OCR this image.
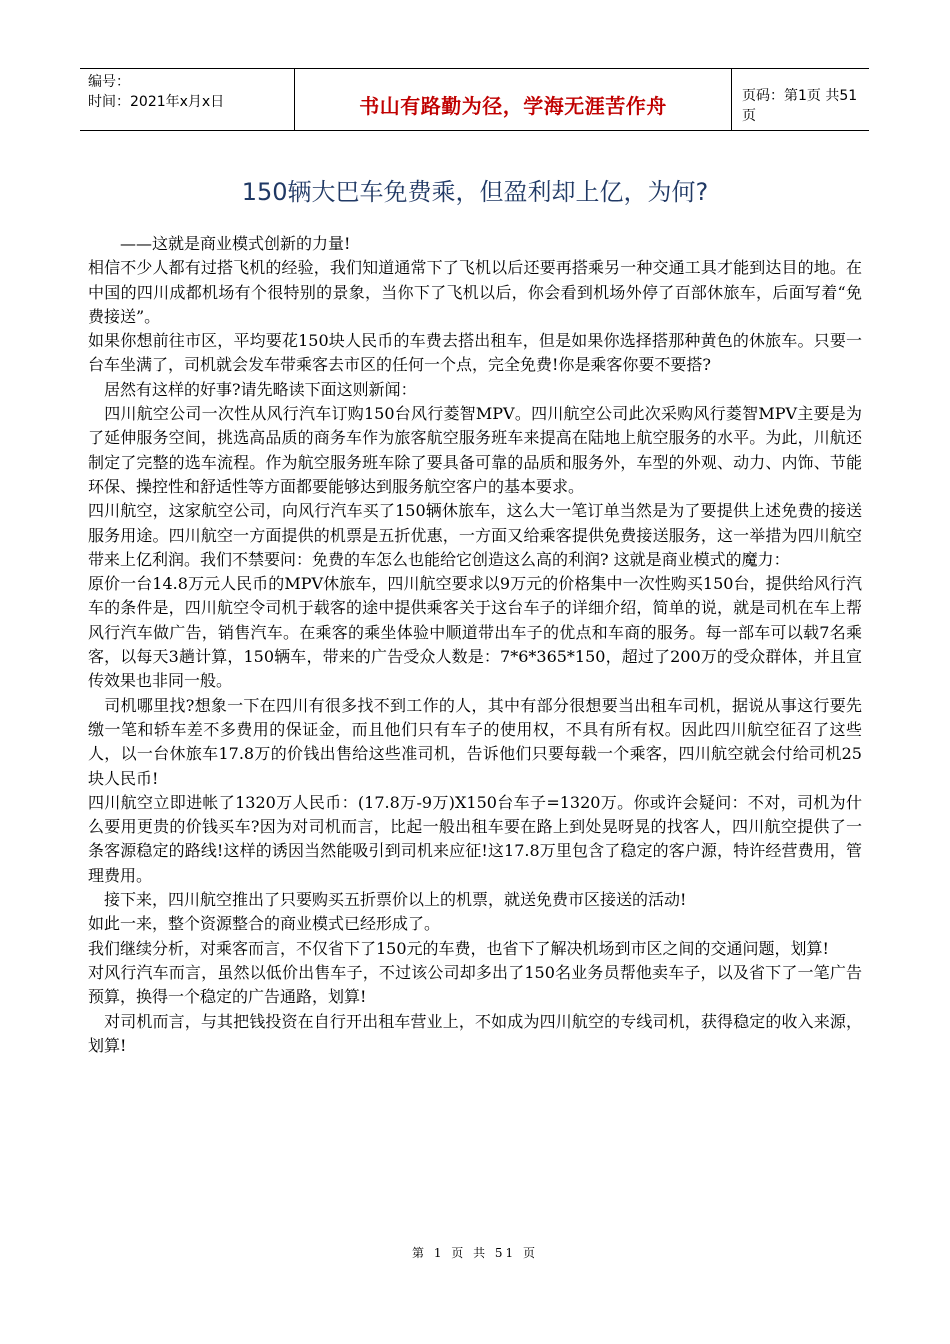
编号：
时间：2021年x月x日	书山有路勤为径，学海无涯苦作舟	页码：第1页 共51页
150辆大巴车免费乘，但盈利却上亿，为何?

　　——这就是商业模式创新的力量!

相信不少人都有过搭飞机的经验，我们知道通常下了飞机以后还要再搭乘另一种交通工具才能到达目的地。在中国的四川成都机场有个很特别的景象，当你下了飞机以后，你会看到机场外停了百部休旅车，后面写着“免费接送”。

如果你想前往市区，平均要花150块人民币的车费去搭出租车，但是如果你选择搭那种黄色的休旅车。只要一台车坐满了，司机就会发车带乘客去市区的任何一个点，完全免费!你是乘客你要不要搭?

　居然有这样的好事?请先略读下面这则新闻：

　四川航空公司一次性从风行汽车订购150台风行菱智MPV。四川航空公司此次采购风行菱智MPV主要是为了延伸服务空间，挑选高品质的商务车作为旅客航空服务班车来提高在陆地上航空服务的水平。为此，川航还制定了完整的选车流程。作为航空服务班车除了要具备可靠的品质和服务外，车型的外观、动力、内饰、节能环保、操控性和舒适性等方面都要能够达到服务航空客户的基本要求。

四川航空，这家航空公司，向风行汽车买了150辆休旅车，这么大一笔订单当然是为了要提供上述免费的接送服务用途。四川航空一方面提供的机票是五折优惠，一方面又给乘客提供免费接送服务，这一举措为四川航空带来上亿利润。我们不禁要问：免费的车怎么也能给它创造这么高的利润? 这就是商业模式的魔力：

原价一台14.8万元人民币的MPV休旅车，四川航空要求以9万元的价格集中一次性购买150台，提供给风行汽车的条件是，四川航空令司机于载客的途中提供乘客关于这台车子的详细介绍，简单的说，就是司机在车上帮风行汽车做广告，销售汽车。在乘客的乘坐体验中顺道带出车子的优点和车商的服务。每一部车可以载7名乘客，以每天3趟计算，150辆车，带来的广告受众人数是：7*6*365*150，超过了200万的受众群体，并且宣传效果也非同一般。

　司机哪里找?想象一下在四川有很多找不到工作的人，其中有部分很想要当出租车司机，据说从事这行要先缴一笔和轿车差不多费用的保证金，而且他们只有车子的使用权，不具有所有权。因此四川航空征召了这些人，以一台休旅车17.8万的价钱出售给这些准司机，告诉他们只要每载一个乘客，四川航空就会付给司机25块人民币!

四川航空立即进帐了1320万人民币：(17.8万-9万)X150台车子=1320万。你或许会疑问：不对，司机为什么要用更贵的价钱买车?因为对司机而言，比起一般出租车要在路上到处晃呀晃的找客人，四川航空提供了一条客源稳定的路线!这样的诱因当然能吸引到司机来应征!这17.8万里包含了稳定的客户源，特许经营费用，管理费用。

　接下来，四川航空推出了只要购买五折票价以上的机票，就送免费市区接送的活动!

如此一来，整个资源整合的商业模式已经形成了。

我们继续分析，对乘客而言，不仅省下了150元的车费，也省下了解决机场到市区之间的交通问题，划算!

对风行汽车而言，虽然以低价出售车子，不过该公司却多出了150名业务员帮他卖车子，以及省下了一笔广告预算，换得一个稳定的广告通路，划算!

　对司机而言，与其把钱投资在自行开出租车营业上，不如成为四川航空的专线司机，获得稳定的收入来源，划算!

第 1 页 共 51 页
